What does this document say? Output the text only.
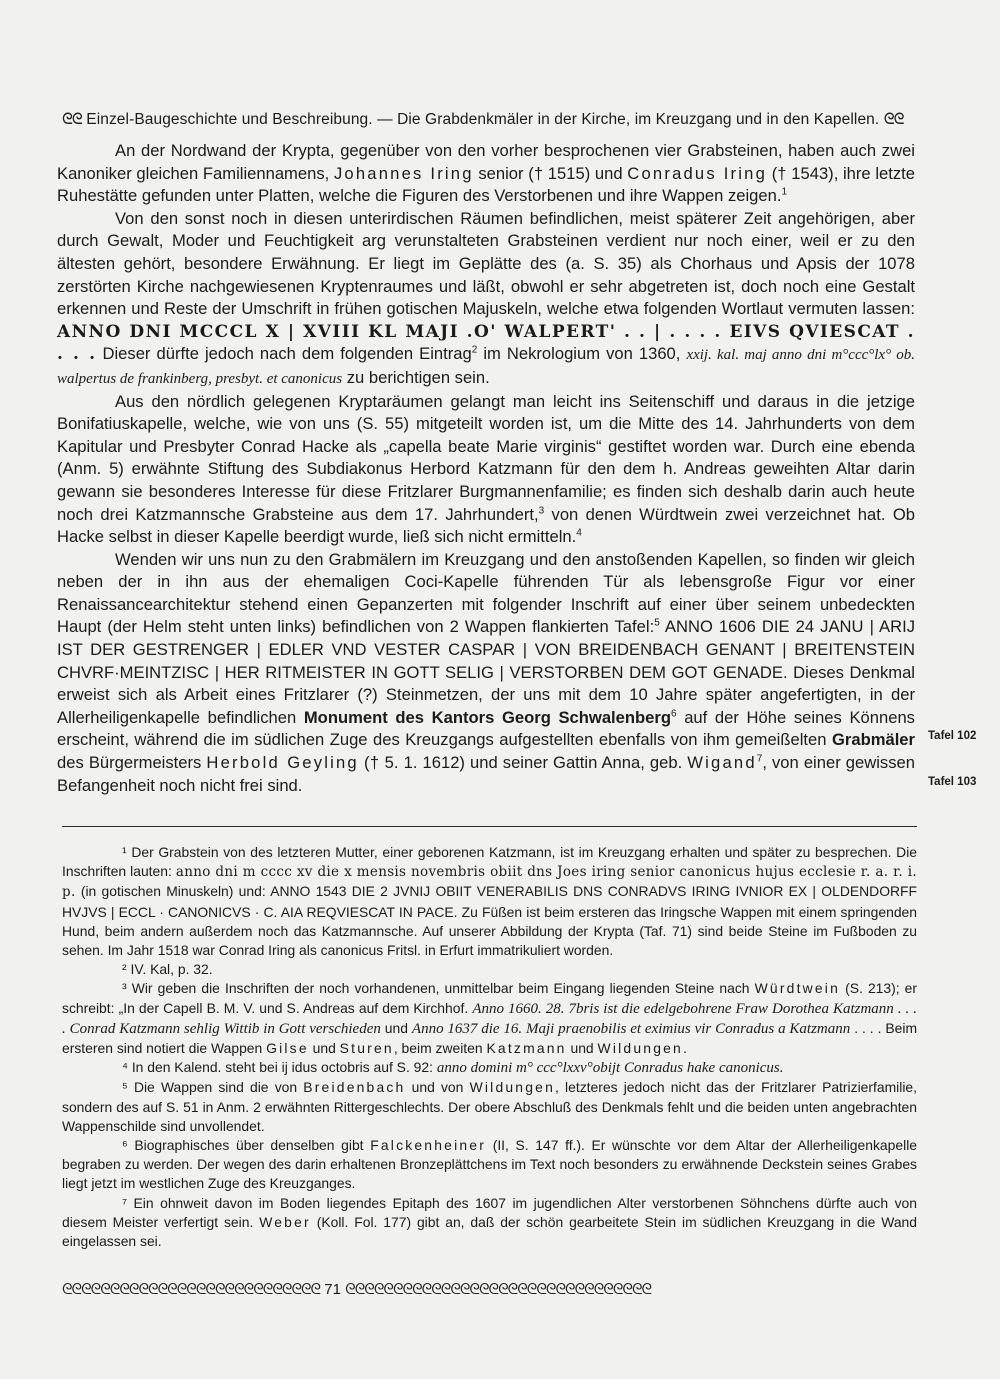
ᘓᘓ Einzel-Baugeschichte und Beschreibung. — Die Grabdenkmäler in der Kirche, im Kreuzgang und in den Kapellen. ᘓᘓ

An der Nordwand der Krypta, gegenüber von den vorher besprochenen vier Grabsteinen, haben auch zwei Kanoniker gleichen Familiennamens, Johannes Iring senior († 1515) und Conradus Iring († 1543), ihre letzte Ruhestätte gefunden unter Platten, welche die Figuren des Verstorbenen und ihre Wappen zeigen.$^1$

Von den sonst noch in diesen unterirdischen Räumen befindlichen, meist späterer Zeit angehörigen, aber durch Gewalt, Moder und Feuchtigkeit arg verunstalteten Grabsteinen verdient nur noch einer, weil er zu den ältesten gehört, besondere Erwähnung. Er liegt im Geplätte des (a. S. 35) als Chorhaus und Apsis der 1078 zerstörten Kirche nachgewiesenen Kryptenraumes und läßt, obwohl er sehr abgetreten ist, doch noch eine Gestalt erkennen und Reste der Umschrift in frühen gotischen Majuskeln, welche etwa folgenden Wortlaut vermuten lassen: ANNO DNI MCCCL X | XVIII KL MAJI .O' WALPERT' . . | . . . . EIVS QVIESCAT . . . . Dieser dürfte jedoch nach dem folgenden Eintrag$^2$ im Nekrologium von 1360, xxij. kal. maj anno dni m°ccc°lx° ob. walpertus de frankinberg, presbyt. et canonicus zu berichtigen sein.

Aus den nördlich gelegenen Kryptaräumen gelangt man leicht ins Seitenschiff und daraus in die jetzige Bonifatiuskapelle, welche, wie von uns (S. 55) mitgeteilt worden ist, um die Mitte des 14. Jahrhunderts von dem Kapitular und Presbyter Conrad Hacke als „capella beate Marie virginis“ gestiftet worden war. Durch eine ebenda (Anm. 5) erwähnte Stiftung des Subdiakonus Herbord Katzmann für den dem h. Andreas geweihten Altar darin gewann sie besonderes Interesse für diese Fritzlarer Burgmannenfamilie; es finden sich deshalb darin auch heute noch drei Katzmannsche Grabsteine aus dem 17. Jahrhundert,$^3$ von denen Würdtwein zwei verzeichnet hat. Ob Hacke selbst in dieser Kapelle beerdigt wurde, ließ sich nicht ermitteln.$^4$

Wenden wir uns nun zu den Grabmälern im Kreuzgang und den anstoßenden Kapellen, so finden wir gleich neben der in ihn aus der ehemaligen Coci-Kapelle führenden Tür als lebensgroße Figur vor einer Renaissancearchitektur stehend einen Gepanzerten mit folgender Inschrift auf einer über seinem unbedeckten Haupt (der Helm steht unten links) befindlichen von 2 Wappen flankierten Tafel:$^5$ ANNO 1606 DIE 24 JANU | ARIJ IST DER GESTRENGER | EDLER VND VESTER CASPAR | VON BREIDENBACH GENANT | BREITENSTEIN CHVRF·MEINTZISC | HER RITMEISTER IN GOTT SELIG | VERSTORBEN DEM GOT GENADE. Dieses Denkmal erweist sich als Arbeit eines Fritzlarer (?) Steinmetzen, der uns mit dem 10 Jahre später angefertigten, in der Allerheiligenkapelle befindlichen Monument des Kantors Georg Schwalenberg$^6$ auf der Höhe seines Könnens erscheint, während die im südlichen Zuge des Kreuzgangs aufgestellten ebenfalls von ihm gemeißelten Grabmäler des Bürgermeisters Herbold Geyling († 5. 1. 1612) und seiner Gattin Anna, geb. Wigand$^7$, von einer gewissen Befangenheit noch nicht frei sind.

Tafel 102
Tafel 103

¹ Der Grabstein von des letzteren Mutter, einer geborenen Katzmann, ist im Kreuzgang erhalten und später zu besprechen. Die Inschriften lauten: anno dni m cccc xv die x mensis novembris obiit dns Joes iring senior canonicus hujus ecclesie r. a. r. i. p. (in gotischen Minuskeln) und: ANNO 1543 DIE 2 JVNIJ OBIIT VENERABILIS DNS CONRADVS IRING IVNIOR EX | OLDENDORFF HVJVS | ECCL · CANONICVS · C. AIA REQVIESCAT IN PACE. Zu Füßen ist beim ersteren das Iringsche Wappen mit einem springenden Hund, beim andern außerdem noch das Katzmannsche. Auf unserer Abbildung der Krypta (Taf. 71) sind beide Steine im Fußboden zu sehen. Im Jahr 1518 war Conrad Iring als canonicus Fritsl. in Erfurt immatrikuliert worden.

² IV. Kal, p. 32.

³ Wir geben die Inschriften der noch vorhandenen, unmittelbar beim Eingang liegenden Steine nach Würdtwein (S. 213); er schreibt: „In der Capell B. M. V. und S. Andreas auf dem Kirchhof. Anno 1660. 28. 7bris ist die edelgebohrene Fraw Dorothea Katzmann . . . . Conrad Katzmann sehlig Wittib in Gott verschieden und Anno 1637 die 16. Maji praenobilis et eximius vir Conradus a Katzmann . . . . Beim ersteren sind notiert die Wappen Gilse und Sturen, beim zweiten Katzmann und Wildungen.

⁴ In den Kalend. steht bei ij idus octobris auf S. 92: anno domini m° ccc°lxxv°obijt Conradus hake canonicus.

⁵ Die Wappen sind die von Breidenbach und von Wildungen, letzteres jedoch nicht das der Fritzlarer Patrizierfamilie, sondern des auf S. 51 in Anm. 2 erwähnten Rittergeschlechts. Der obere Abschluß des Denkmals fehlt und die beiden unten angebrachten Wappenschilde sind unvollendet.

⁶ Biographisches über denselben gibt Falckenheiner (II, S. 147 ff.). Er wünschte vor dem Altar der Allerheiligenkapelle begraben zu werden. Der wegen des darin erhaltenen Bronzeplättchens im Text noch besonders zu erwähnende Deckstein seines Grabes liegt jetzt im westlichen Zuge des Kreuzganges.

⁷ Ein ohnweit davon im Boden liegendes Epitaph des 1607 im jugendlichen Alter verstorbenen Söhnchens dürfte auch von diesem Meister verfertigt sein. Weber (Koll. Fol. 177) gibt an, daß der schön gearbeitete Stein im südlichen Kreuzgang in die Wand eingelassen sei.

ᘓᘓᘓᘓᘓᘓᘓᘓᘓᘓᘓᘓᘓᘓᘓᘓᘓᘓᘓᘓᘓᘓᘓᘓᘓᘓᘓ 71 ᘓᘓᘓᘓᘓᘓᘓᘓᘓᘓᘓᘓᘓᘓᘓᘓᘓᘓᘓᘓᘓᘓᘓᘓᘓᘓᘓᘓᘓᘓᘓᘓ
